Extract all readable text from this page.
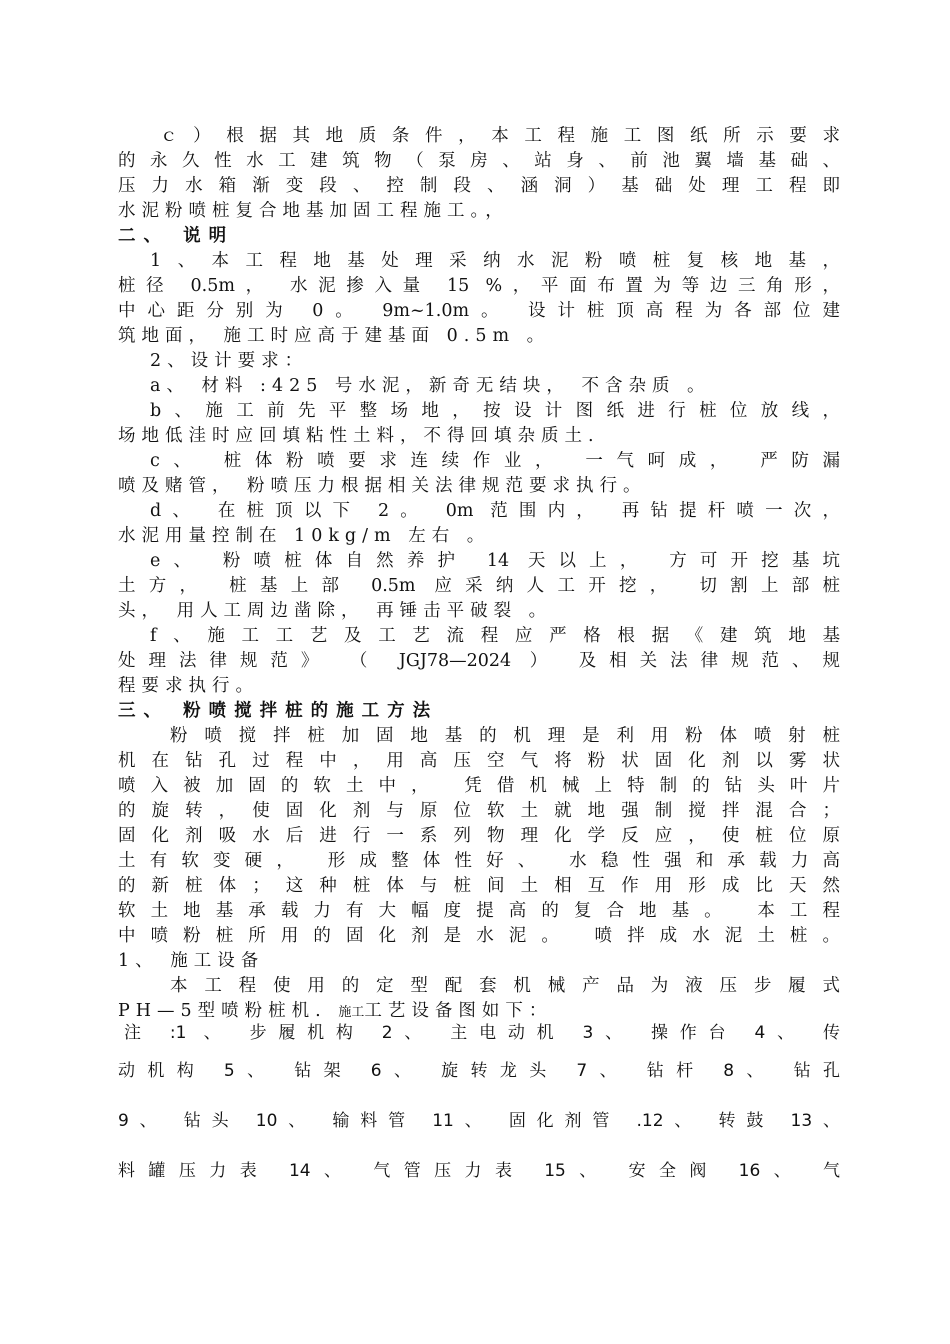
ｃ）根据其地质条件，本工程施工图纸所示要求
的永久性水工建筑物（泵房、站身、前池翼墙基础、
压力水箱渐变段、控制段、涵洞）基础处理工程即
水泥粉喷桩复合地基加固工程施工。，
二、 说明
1、本工程地基处理采纳水泥粉喷桩复核地基，
桩径 0.5m， 水泥掺入量 15 %，平面布置为等边三角形，
中心距分别为 0。 9m~1.0m。 设计桩顶高程为各部位建
筑地面， 施工时应高于建基面 0.5m 。
2、设计要求：
a、 材料 :425 号水泥，新奇无结块， 不含杂质 。
b、施工前先平整场地，按设计图纸进行桩位放线，
场地低洼时应回填粘性土料，不得回填杂质土.
c、 桩体粉喷要求连续作业， 一气呵成， 严防漏
喷及赌管， 粉喷压力根据相关法律规范要求执行。
d、 在桩顶以下 2。 0m 范围内， 再钻提杆喷一次，
水泥用量控制在 10kg/m 左右 。
e、 粉喷桩体自然养护 14 天以上， 方可开挖基坑
土方， 桩基上部 0.5m 应采纳人工开挖， 切割上部桩
头， 用人工周边凿除， 再锤击平破裂 。
f、施工工艺及工艺流程应严格根据《建筑地基
处理法律规范》 （ JGJ78—2024 ） 及相关法律规范、规
程要求执行。
三、 粉喷搅拌桩的施工方法
粉喷搅拌桩加固地基的机理是利用粉体喷射桩
机在钻孔过程中，用高压空气将粉状固化剂以雾状
喷入被加固的软土中， 凭借机械上特制的钻头叶片
的旋转，使固化剂与原位软土就地强制搅拌混合；
固化剂吸水后进行一系列物理化学反应，使桩位原
土有软变硬， 形成整体性好、 水稳性强和承载力高
的新桩体；这种桩体与桩间土相互作用形成比天然
软土地基承载力有大幅度提高的复合地基。 本工程
中喷粉桩所用的固化剂是水泥。 喷拌成水泥土桩。
1、 施工设备
本工程使用的定型配套机械产品为液压步履式
PH—5型喷粉桩机. 施工工艺设备图如下：
注 :1 、 步履机构 2、 主电动机 3、 操作台 4、 传
动机构 5、 钻架 6、 旋转龙头 7、 钻杆 8、 钻孔
9、 钻头 10、 输料管 11、 固化剂管 .12、 转鼓 13、
料罐压力表 14、 气管压力表 15、 安全阀 16、 气
